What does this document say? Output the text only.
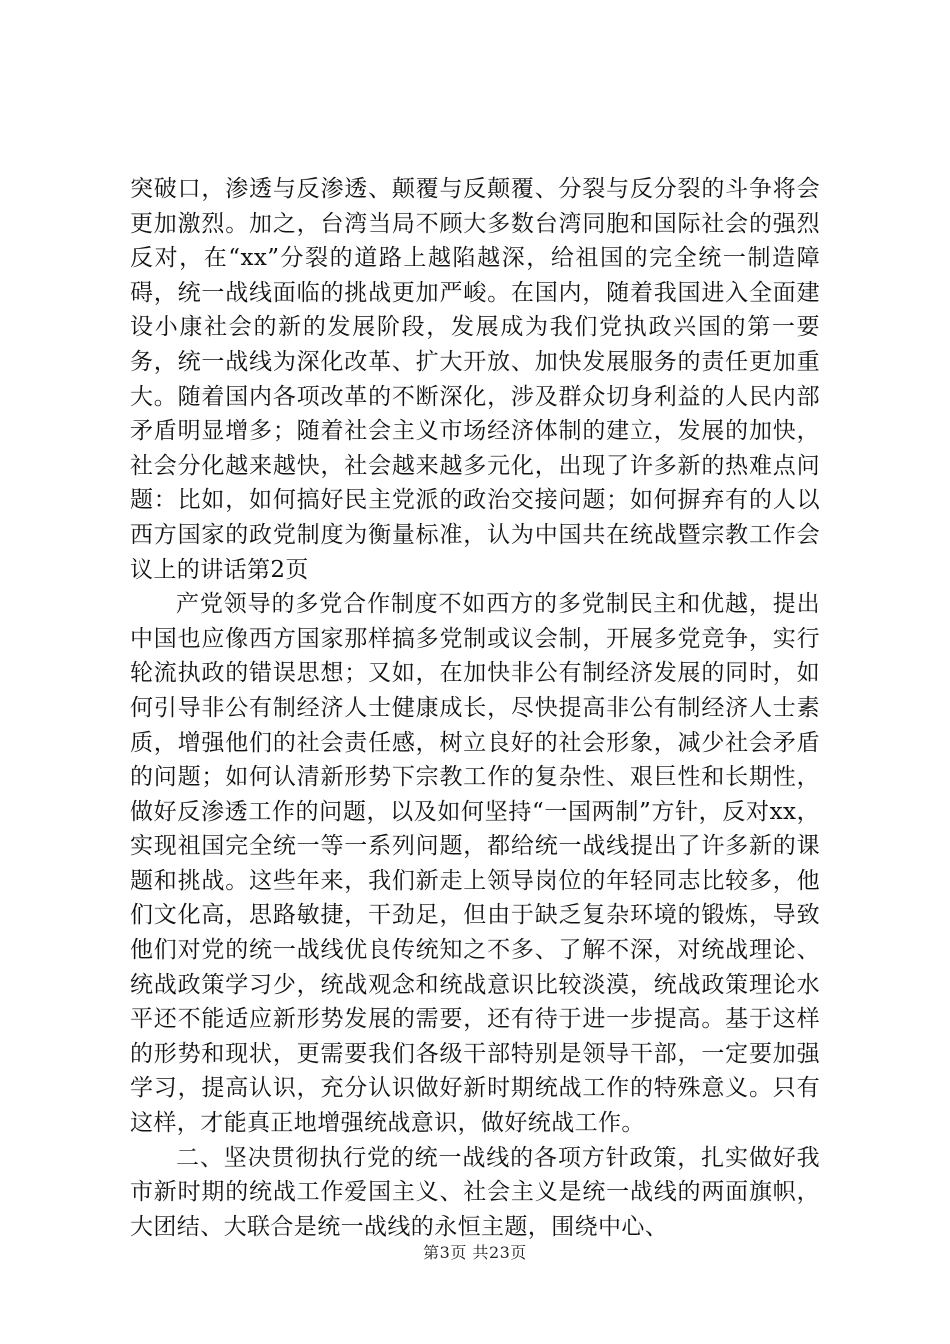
突破口，渗透与反渗透、颠覆与反颠覆、分裂与反分裂的斗争将会更加激烈。加之，台湾当局不顾大多数台湾同胞和国际社会的强烈反对，在“xx”分裂的道路上越陷越深，给祖国的完全统一制造障碍，统一战线面临的挑战更加严峻。在国内，随着我国进入全面建设小康社会的新的发展阶段，发展成为我们党执政兴国的第一要务，统一战线为深化改革、扩大开放、加快发展服务的责任更加重大。随着国内各项改革的不断深化，涉及群众切身利益的人民内部矛盾明显增多；随着社会主义市场经济体制的建立，发展的加快，社会分化越来越快，社会越来越多元化，出现了许多新的热难点问题：比如，如何搞好民主党派的政治交接问题；如何摒弃有的人以西方国家的政党制度为衡量标准，认为中国共在统战暨宗教工作会议上的讲话第2页

产党领导的多党合作制度不如西方的多党制民主和优越，提出中国也应像西方国家那样搞多党制或议会制，开展多党竞争，实行轮流执政的错误思想；又如，在加快非公有制经济发展的同时，如何引导非公有制经济人士健康成长，尽快提高非公有制经济人士素质，增强他们的社会责任感，树立良好的社会形象，减少社会矛盾的问题；如何认清新形势下宗教工作的复杂性、艰巨性和长期性，做好反渗透工作的问题，以及如何坚持“一国两制”方针，反对xx，实现祖国完全统一等一系列问题，都给统一战线提出了许多新的课题和挑战。这些年来，我们新走上领导岗位的年轻同志比较多，他们文化高，思路敏捷，干劲足，但由于缺乏复杂环境的锻炼，导致他们对党的统一战线优良传统知之不多、了解不深，对统战理论、统战政策学习少，统战观念和统战意识比较淡漠，统战政策理论水平还不能适应新形势发展的需要，还有待于进一步提高。基于这样的形势和现状，更需要我们各级干部特别是领导干部，一定要加强学习，提高认识，充分认识做好新时期统战工作的特殊意义。只有这样，才能真正地增强统战意识，做好统战工作。

二、坚决贯彻执行党的统一战线的各项方针政策，扎实做好我市新时期的统战工作爱国主义、社会主义是统一战线的两面旗帜，大团结、大联合是统一战线的永恒主题，围绕中心、

第3页 共23页
